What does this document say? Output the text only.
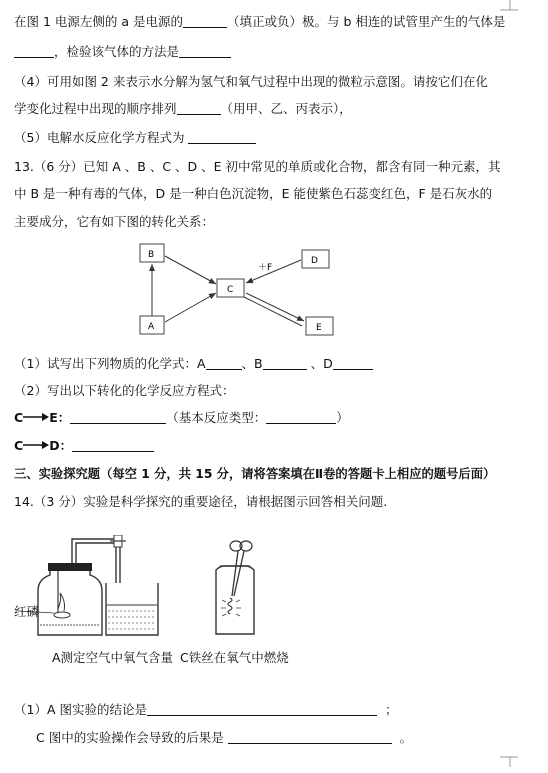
在图 1 电源左侧的 a 是电源的	（填正或负）极。与 b 相连的试管里产生的气体是
，检验该气体的方法是
（4）可用如图 2 来表示水分解为氢气和氧气过程中出现的微粒示意图。请按它们在化
学变化过程中出现的顺序排列	（用甲、乙、丙表示），
（5）电解水反应化学方程式为
13.（6 分）已知 A 、B 、C 、D 、E 初中常见的单质或化合物，都含有同一种元素，其
中 B 是一种有毒的气体，D 是一种白色沉淀物，E 能使紫色石蕊变红色，F 是石灰水的
主要成分，它有如下图的转化关系：
B
A
C
D
E
＋F
（1）试写出下列物质的化学式：A	、B	、D
（2）写出以下转化的化学反应方程式：
C→E：	（基本反应类型：	）
C→D：
三、实验探究题（每空 1 分，共 15 分，请将答案填在Ⅱ卷的答题卡上相应的题号后面）
14.（3 分）实验是科学探究的重要途径，请根据图示回答相关问题.
红磷
A测定空气中氧气含量 C铁丝在氧气中燃烧
（1）A 图实验的结论是	；
C 图中的实验操作会导致的后果是	。
